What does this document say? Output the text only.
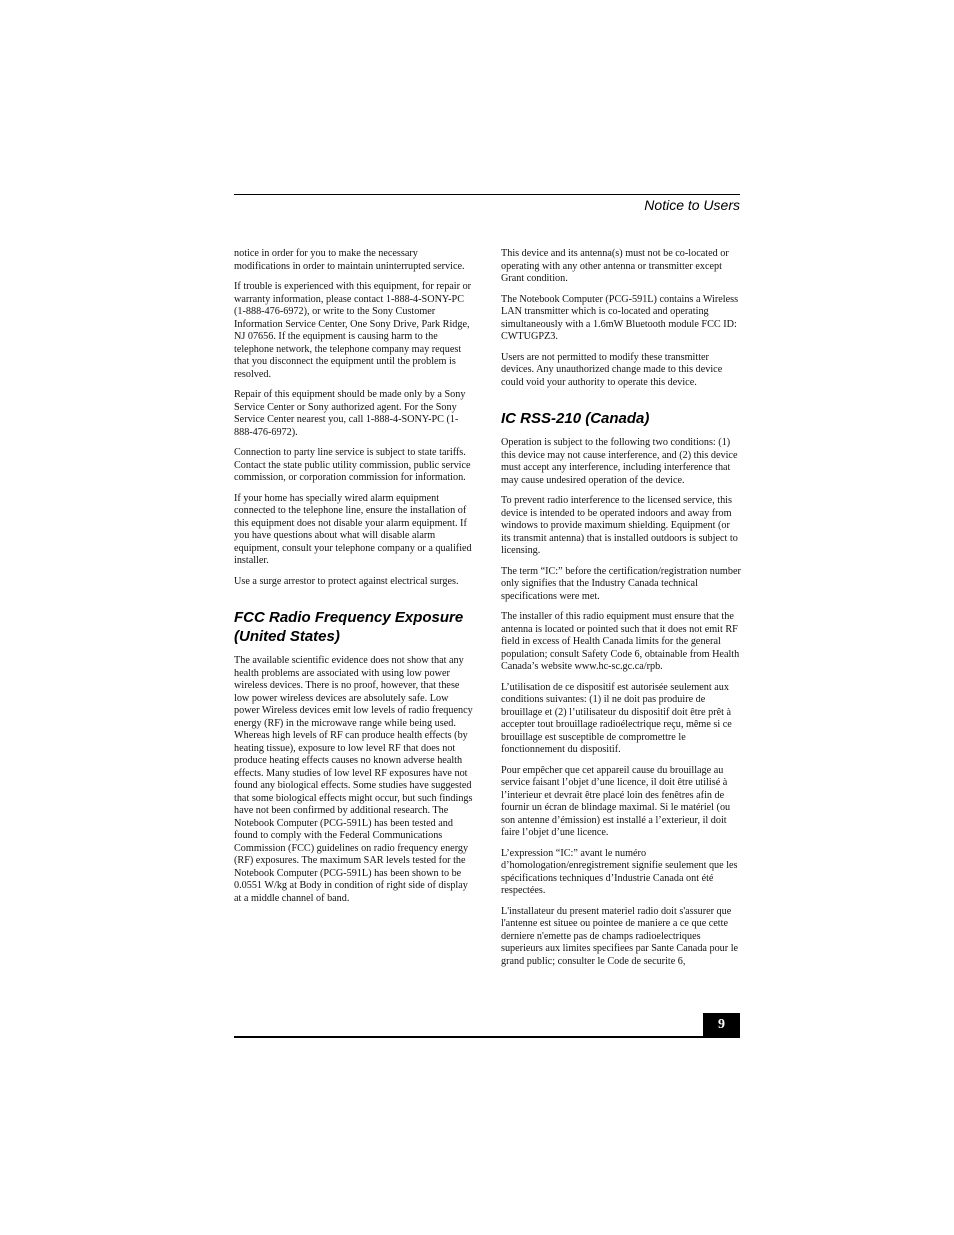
Notice to Users

notice in order for you to make the necessary modifications in order to maintain uninterrupted service.

If trouble is experienced with this equipment, for repair or warranty information, please contact 1-888-4-SONY-PC (1-888-476-6972), or write to the Sony Customer Information Service Center, One Sony Drive, Park Ridge, NJ 07656. If the equipment is causing harm to the telephone network, the telephone company may request that you disconnect the equipment until the problem is resolved.

Repair of this equipment should be made only by a Sony Service Center or Sony authorized agent. For the Sony Service Center nearest you, call 1-888-4-SONY-PC (1-888-476-6972).

Connection to party line service is subject to state tariffs. Contact the state public utility commission, public service commission, or corporation commission for information.

If your home has specially wired alarm equipment connected to the telephone line, ensure the installation of this equipment does not disable your alarm equipment. If you have questions about what will disable alarm equipment, consult your telephone company or a qualified installer.

Use a surge arrestor to protect against electrical surges.

FCC Radio Frequency Exposure (United States)

The available scientific evidence does not show that any health problems are associated with using low power wireless devices. There is no proof, however, that these low power wireless devices are absolutely safe. Low power Wireless devices emit low levels of radio frequency energy (RF) in the microwave range while being used. Whereas high levels of RF can produce health effects (by heating tissue), exposure to low level RF that does not produce heating effects causes no known adverse health effects. Many studies of low level RF exposures have not found any biological effects. Some studies have suggested that some biological effects might occur, but such findings have not been confirmed by additional research. The Notebook Computer (PCG-591L) has been tested and found to comply with the Federal Communications Commission (FCC) guidelines on radio frequency energy (RF) exposures. The maximum SAR levels tested for the Notebook Computer (PCG-591L) has been shown to be 0.0551 W/kg at Body in condition of right side of display at a middle channel of band.

This device and its antenna(s) must not be co-located or operating with any other antenna or transmitter except Grant condition.

The Notebook Computer (PCG-591L) contains a Wireless LAN transmitter which is co-located and operating simultaneously with a 1.6mW Bluetooth module FCC ID: CWTUGPZ3.

Users are not permitted to modify these transmitter devices. Any unauthorized change made to this device could void your authority to operate this device.

IC RSS-210 (Canada)

Operation is subject to the following two conditions: (1) this device may not cause interference, and (2) this device must accept any interference, including interference that may cause undesired operation of the device.

To prevent radio interference to the licensed service, this device is intended to be operated indoors and away from windows to provide maximum shielding. Equipment (or its transmit antenna) that is installed outdoors is subject to licensing.

The term “IC:” before the certification/registration number only signifies that the Industry Canada technical specifications were met.

The installer of this radio equipment must ensure that the antenna is located or pointed such that it does not emit RF field in excess of Health Canada limits for the general population; consult Safety Code 6, obtainable from Health Canada’s website www.hc-sc.gc.ca/rpb.

L’utilisation de ce dispositif est autorisée seulement aux conditions suivantes: (1) il ne doit pas produire de brouillage et (2) l’utilisateur du dispositif doit être prêt à accepter tout brouillage radioélectrique reçu, même si ce brouillage est susceptible de compromettre le fonctionnement du dispositif.

Pour empêcher que cet appareil cause du brouillage au service faisant l’objet d’une licence, il doit être utilisé à l’interieur et devrait être placé loin des fenêtres afin de fournir un écran de blindage maximal. Si le matériel (ou son antenne d’émission) est installé a l’exterieur, il doit faire l’objet d’une licence.

L’expression “IC:” avant le numéro d’homologation/enregistrement signifie seulement que les spécifications techniques d’Industrie Canada ont été respectées.

L'installateur du present materiel radio doit s'assurer que l'antenne est situee ou pointee de maniere a ce que cette derniere n'emette pas de champs radioelectriques superieurs aux limites specifiees par Sante Canada pour le grand public; consulter le Code de securite 6,

9
